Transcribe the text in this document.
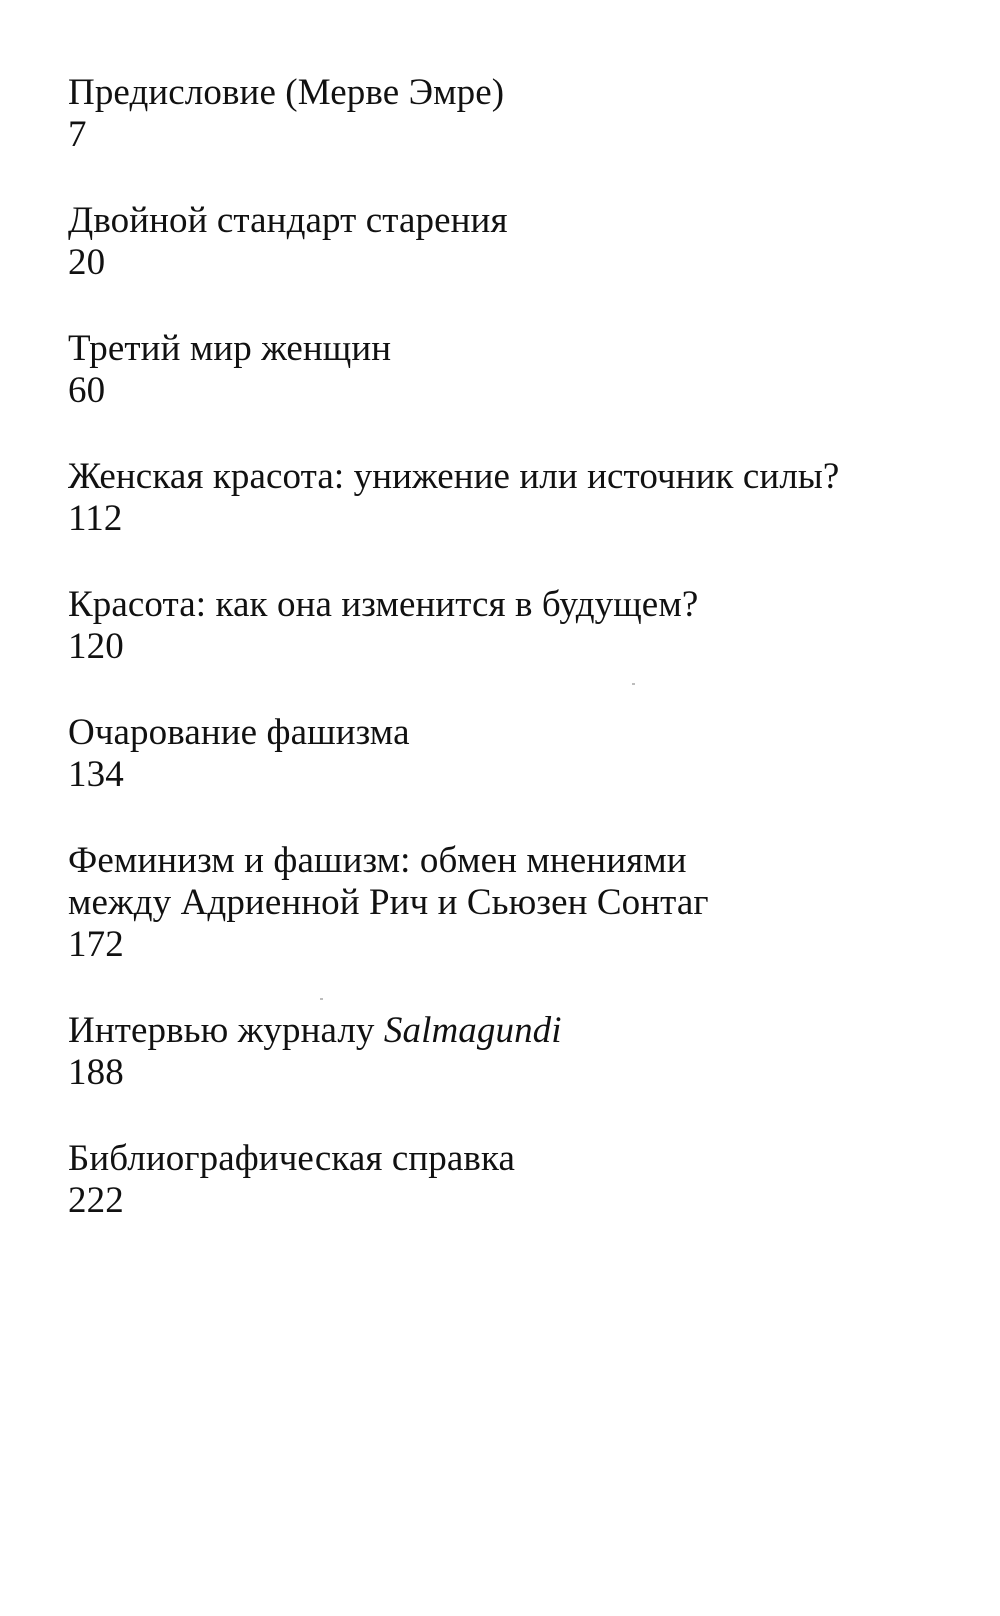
Предисловие (Мерве Эмре)
7
Двойной стандарт старения
20
Третий мир женщин
60
Женская красота: унижение или источник силы?
112
Красота: как она изменится в будущем?
120
Очарование фашизма
134
Феминизм и фашизм: обмен мнениями
между Адриенной Рич и Сьюзен Сонтаг
172
Интервью журналу Salmagundi
188
Библиографическая справка
222
